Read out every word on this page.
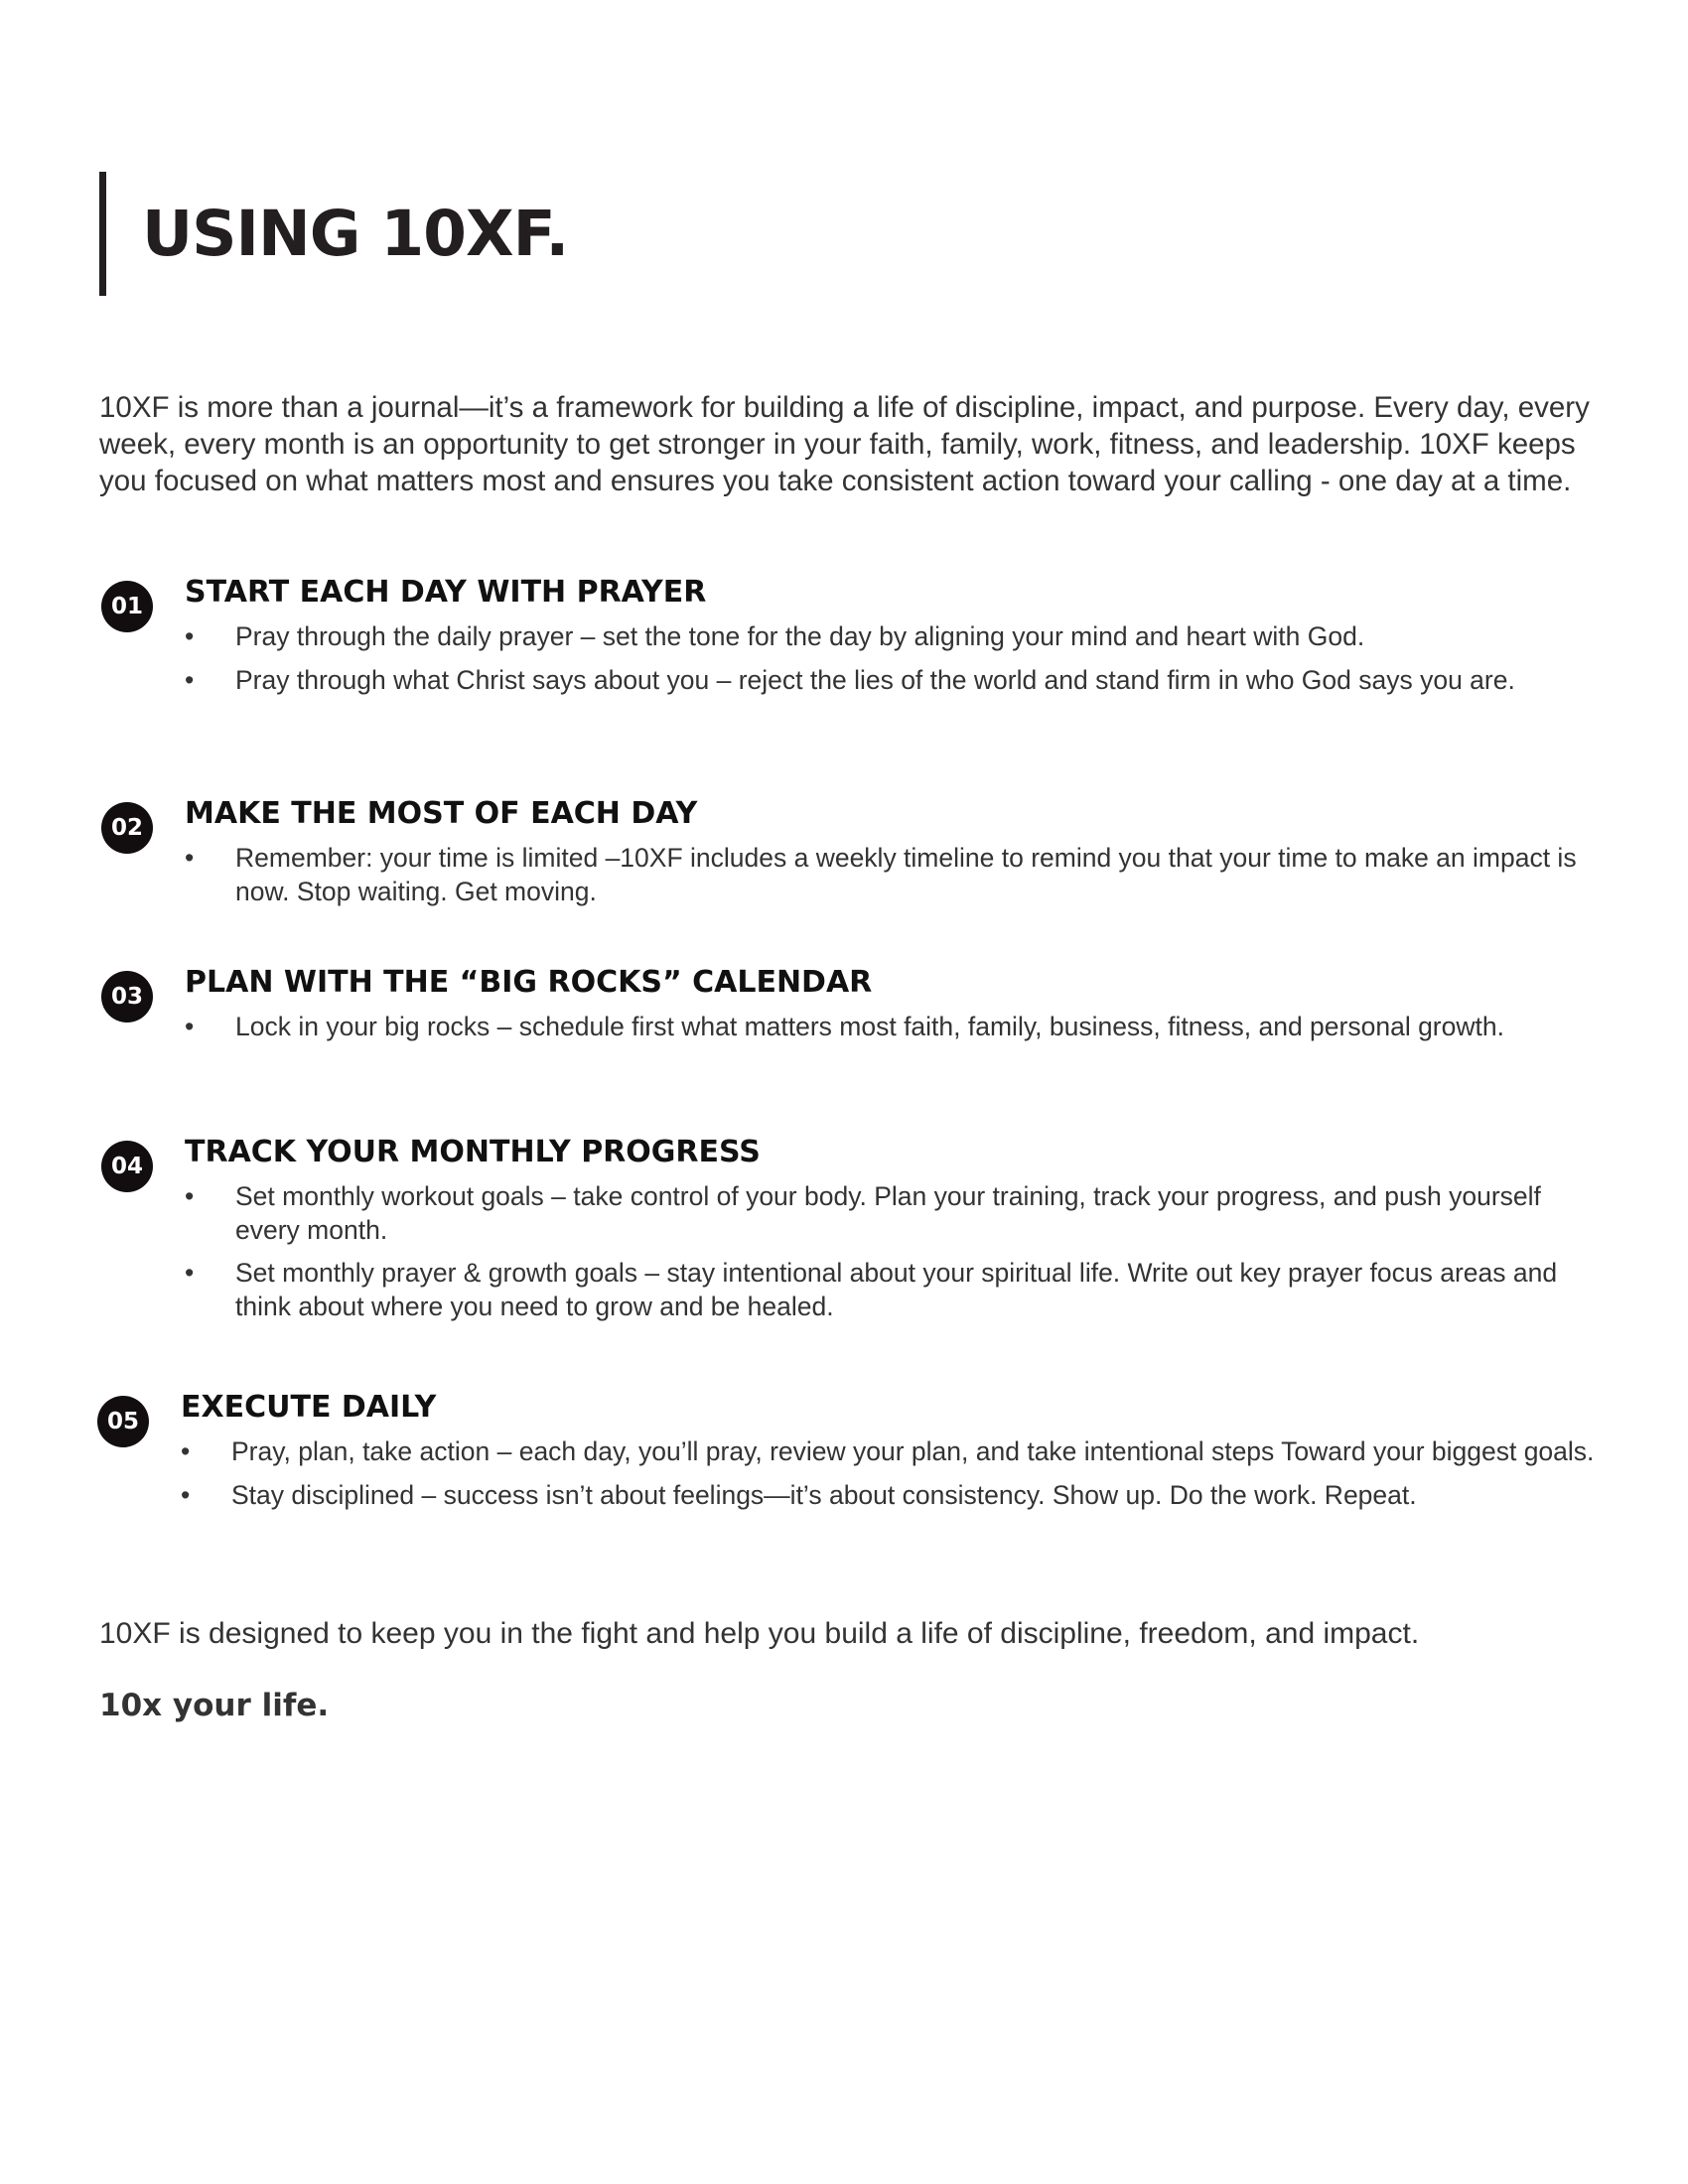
USING 10XF.

10XF is more than a journal—it’s a framework for building a life of discipline, impact, and purpose. Every day, every week, every month is an opportunity to get stronger in your faith, family, work, fitness, and leadership. 10XF keeps you focused on what matters most and ensures you take consistent action toward your calling - one day at a time.

01	START EACH DAY WITH PRAYER
• Pray through the daily prayer – set the tone for the day by aligning your mind and heart with God.
• Pray through what Christ says about you – reject the lies of the world and stand firm in who God says you are.
02	MAKE THE MOST OF EACH DAY
• Remember: your time is limited –10XF includes a weekly timeline to remind you that your time to make an impact is now. Stop waiting. Get moving.
03	PLAN WITH THE “BIG ROCKS” CALENDAR
• Lock in your big rocks – schedule first what matters most faith, family, business, fitness, and personal growth.
04	TRACK YOUR MONTHLY PROGRESS
• Set monthly workout goals – take control of your body. Plan your training, track your progress, and push yourself every month.
• Set monthly prayer & growth goals – stay intentional about your spiritual life. Write out key prayer focus areas and think about where you need to grow and be healed.
05	EXECUTE DAILY
• Pray, plan, take action – each day, you’ll pray, review your plan, and take intentional steps Toward your biggest goals.
• Stay disciplined – success isn’t about feelings—it’s about consistency. Show up. Do the work. Repeat.

10XF is designed to keep you in the fight and help you build a life of discipline, freedom, and impact.

10x your life.
